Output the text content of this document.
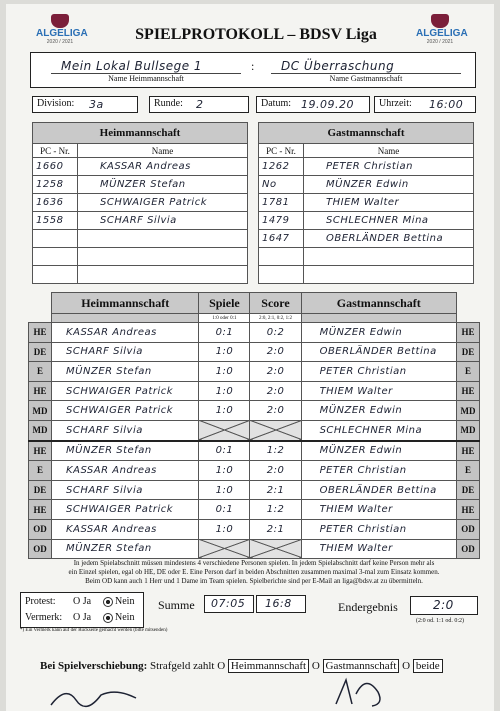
ALGELIGA
2020 / 2021
ALGELIGA
2020 / 2021
SPIELPROTOKOLL – BDSV Liga
Mein Lokal Bullsege 1	: DC Überraschung
Name Heimmannschaft	Name Gastmannschaft
Division: 3a	Runde: 2	Datum: 19.09.20	Uhrzeit: 16:00
Heimmannschaft	
PC - Nr.	Name
1660	KASSAR Andreas
1258	MÜNZER Stefan
1636	SCHWAIGER Patrick
1558	SCHARF Silvia

Gastmannschaft	
PC - Nr.	Name
1262	PETER Christian
No	MÜNZER Edwin
1781	THIEM Walter
1479	SCHLECHNER Mina
1647	OBERLÄNDER Bettina

	Heimmannschaft	Spiele	Score	Gastmannschaft	
		1:0 oder 0:1	2:0, 2:1, 0:2, 1:2		
HE	KASSAR Andreas	0:1	0:2	MÜNZER Edwin	HE
DE	SCHARF Silvia	1:0	2:0	OBERLÄNDER Bettina	DE
E	MÜNZER Stefan	1:0	2:0	PETER Christian	E
HE	SCHWAIGER Patrick	1:0	2:0	THIEM Walter	HE
MD	SCHWAIGER Patrick	1:0	2:0	MÜNZER Edwin	MD
MD	SCHARF Silvia			SCHLECHNER Mina	MD
HE	MÜNZER Stefan	0:1	1:2	MÜNZER Edwin	HE
E	KASSAR Andreas	1:0	2:0	PETER Christian	E
DE	SCHARF Silvia	1:0	2:1	OBERLÄNDER Bettina	DE
HE	SCHWAIGER Patrick	0:1	1:2	THIEM Walter	HE
OD	KASSAR Andreas	1:0	2:1	PETER Christian	OD
OD	MÜNZER Stefan			THIEM Walter	OD
In jedem Spielabschnitt müssen mindestens 4 verschiedene Personen spielen. In jedem Spielabschnitt darf keine Person mehr als
ein Einzel spielen, egal ob HE, DE oder E. Eine Person darf in beiden Abschnitten zusammen maximal 3-mal zum Einsatz kommen.
Beim OD kann auch 1 Herr und 1 Dame im Team spielen. Spielberichte sind per E-Mail an liga@bdsv.at zu übermitteln.
Protest: O Ja	Nein
Vermerk: O Ja	Nein
*) Ein Vermerk kann auf der Rückseite gemacht werden (bitte mitsenden)
Summe 07:05 16:8	Endergebnis	2:0
(2:0 od. 1:1 od. 0:2)
Bei Spielverschiebung: Strafgeld zahlt O Heimmannschaft O Gastmannschaft O beide
